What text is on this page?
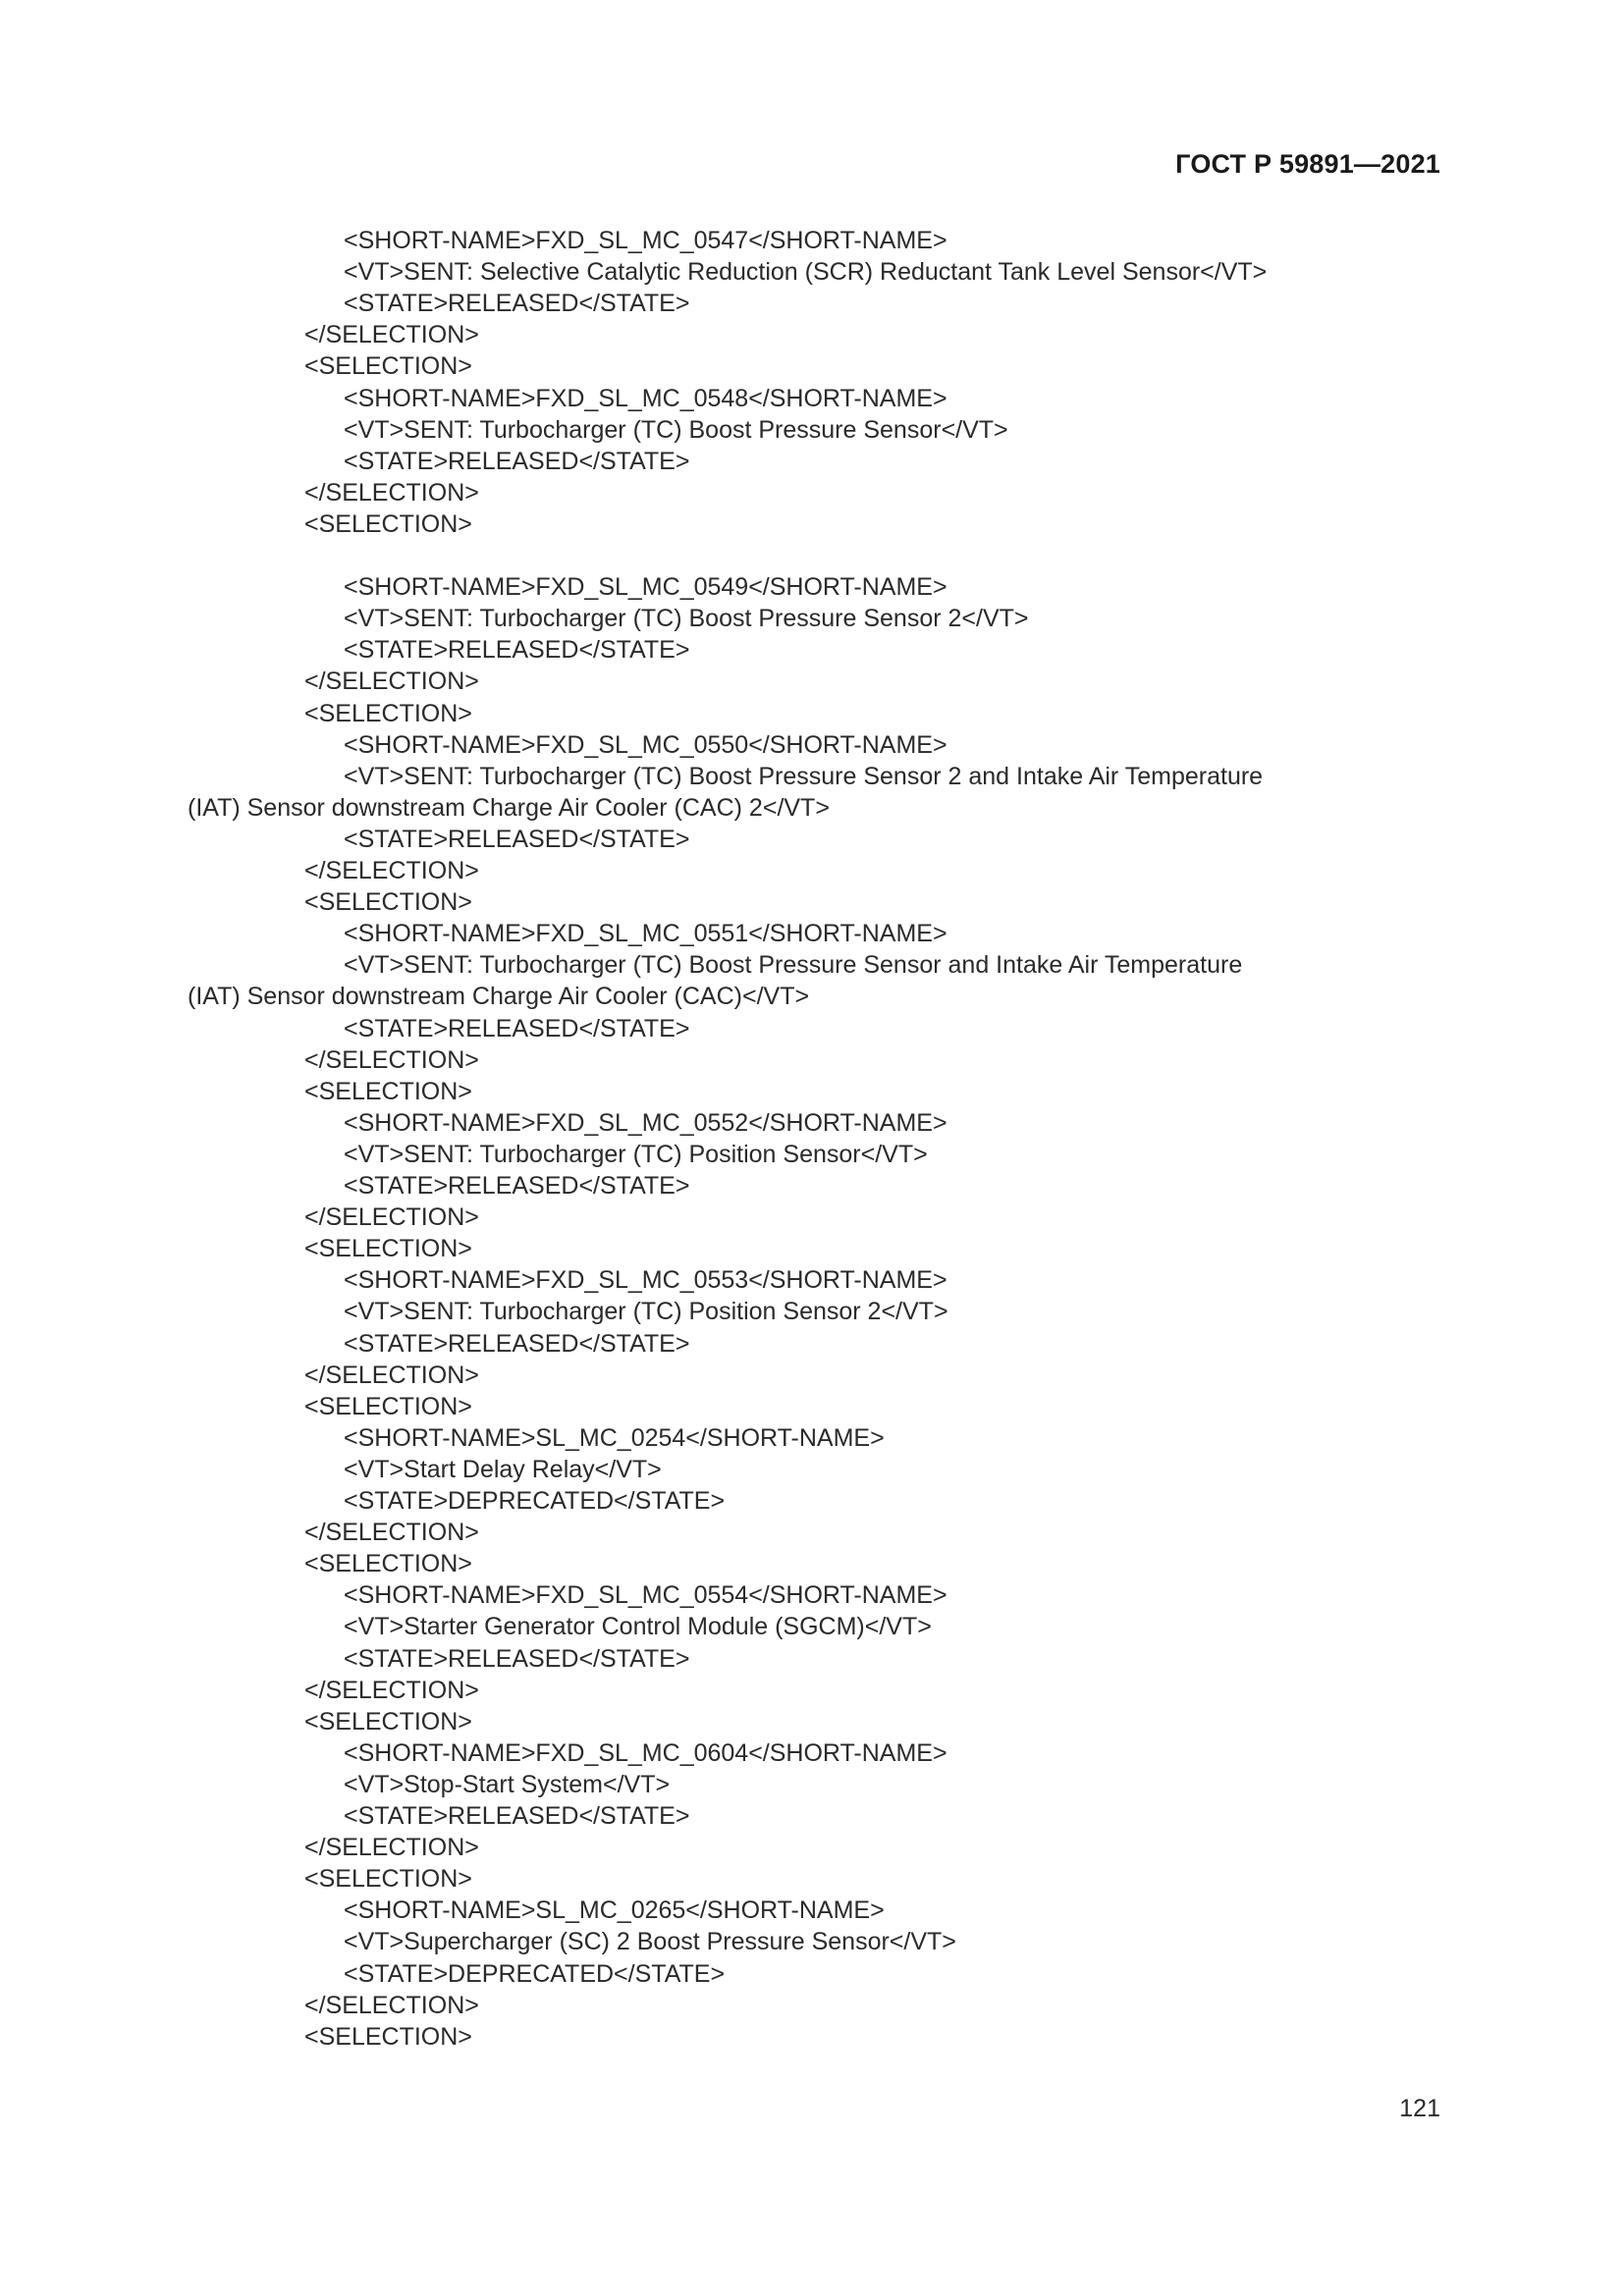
ГОСТ Р 59891—2021
<SHORT-NAME>FXD_SL_MC_0547</SHORT-NAME>
<VT>SENT: Selective Catalytic Reduction (SCR) Reductant Tank Level Sensor</VT>
<STATE>RELEASED</STATE>
</SELECTION>
<SELECTION>
<SHORT-NAME>FXD_SL_MC_0548</SHORT-NAME>
<VT>SENT: Turbocharger (TC) Boost Pressure Sensor</VT>
<STATE>RELEASED</STATE>
</SELECTION>
<SELECTION>
<SHORT-NAME>FXD_SL_MC_0549</SHORT-NAME>
<VT>SENT: Turbocharger (TC) Boost Pressure Sensor 2</VT>
<STATE>RELEASED</STATE>
</SELECTION>
<SELECTION>
<SHORT-NAME>FXD_SL_MC_0550</SHORT-NAME>
<VT>SENT: Turbocharger (TC) Boost Pressure Sensor 2 and Intake Air Temperature
(IAT) Sensor downstream Charge Air Cooler (CAC) 2</VT>
<STATE>RELEASED</STATE>
</SELECTION>
<SELECTION>
<SHORT-NAME>FXD_SL_MC_0551</SHORT-NAME>
<VT>SENT: Turbocharger (TC) Boost Pressure Sensor and Intake Air Temperature
(IAT) Sensor downstream Charge Air Cooler (CAC)</VT>
<STATE>RELEASED</STATE>
</SELECTION>
<SELECTION>
<SHORT-NAME>FXD_SL_MC_0552</SHORT-NAME>
<VT>SENT: Turbocharger (TC) Position Sensor</VT>
<STATE>RELEASED</STATE>
</SELECTION>
<SELECTION>
<SHORT-NAME>FXD_SL_MC_0553</SHORT-NAME>
<VT>SENT: Turbocharger (TC) Position Sensor 2</VT>
<STATE>RELEASED</STATE>
</SELECTION>
<SELECTION>
<SHORT-NAME>SL_MC_0254</SHORT-NAME>
<VT>Start Delay Relay</VT>
<STATE>DEPRECATED</STATE>
</SELECTION>
<SELECTION>
<SHORT-NAME>FXD_SL_MC_0554</SHORT-NAME>
<VT>Starter Generator Control Module (SGCM)</VT>
<STATE>RELEASED</STATE>
</SELECTION>
<SELECTION>
<SHORT-NAME>FXD_SL_MC_0604</SHORT-NAME>
<VT>Stop-Start System</VT>
<STATE>RELEASED</STATE>
</SELECTION>
<SELECTION>
<SHORT-NAME>SL_MC_0265</SHORT-NAME>
<VT>Supercharger (SC) 2 Boost Pressure Sensor</VT>
<STATE>DEPRECATED</STATE>
</SELECTION>
<SELECTION>
121
